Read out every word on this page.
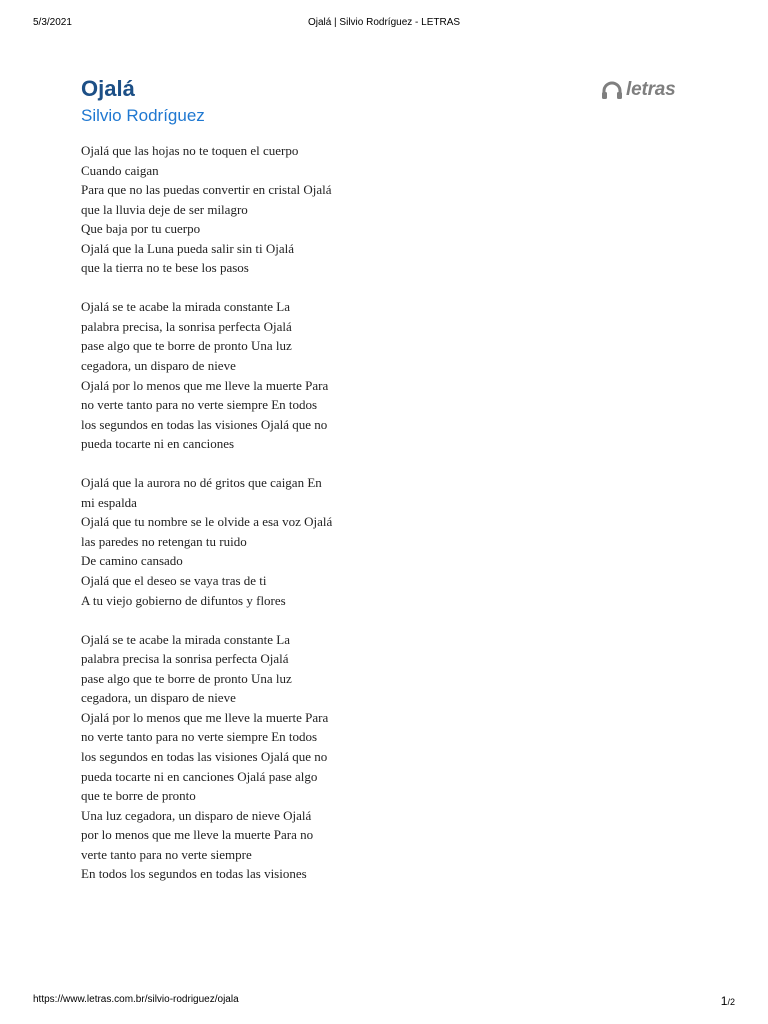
5/3/2021	Ojalá | Silvio Rodríguez - LETRAS
Ojalá
Silvio Rodríguez
letras
Ojalá que las hojas no te toquen el cuerpo
Cuando caigan
Para que no las puedas convertir en cristal Ojalá
que la lluvia deje de ser milagro
Que baja por tu cuerpo
Ojalá que la Luna pueda salir sin ti Ojalá
que la tierra no te bese los pasos
Ojalá se te acabe la mirada constante La
palabra precisa, la sonrisa perfecta Ojalá
pase algo que te borre de pronto Una luz
cegadora, un disparo de nieve
Ojalá por lo menos que me lleve la muerte Para
no verte tanto para no verte siempre En todos
los segundos en todas las visiones Ojalá que no
pueda tocarte ni en canciones
Ojalá que la aurora no dé gritos que caigan En
mi espalda
Ojalá que tu nombre se le olvide a esa voz Ojalá
las paredes no retengan tu ruido
De camino cansado
Ojalá que el deseo se vaya tras de ti
A tu viejo gobierno de difuntos y flores
Ojalá se te acabe la mirada constante La
palabra precisa la sonrisa perfecta Ojalá
pase algo que te borre de pronto Una luz
cegadora, un disparo de nieve
Ojalá por lo menos que me lleve la muerte Para
no verte tanto para no verte siempre En todos
los segundos en todas las visiones Ojalá que no
pueda tocarte ni en canciones Ojalá pase algo
que te borre de pronto
Una luz cegadora, un disparo de nieve Ojalá
por lo menos que me lleve la muerte Para no
verte tanto para no verte siempre
En todos los segundos en todas las visiones
https://www.letras.com.br/silvio-rodriguez/ojala	1/2
